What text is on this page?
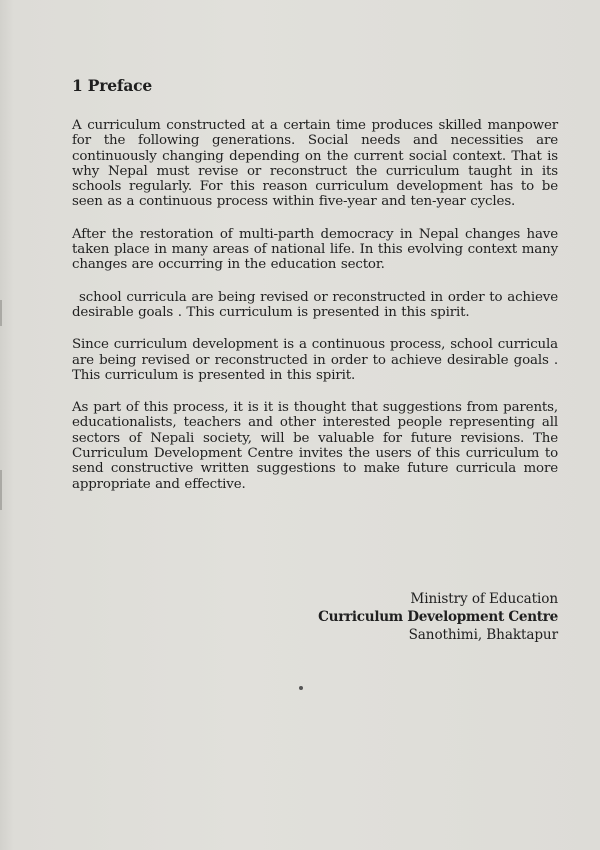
1 Preface

A curriculum constructed at a certain time produces skilled manpower for the following generations. Social needs and necessities are continuously changing depending on the current social context. That is why Nepal must revise or reconstruct the curriculum taught in its schools regularly. For this reason curriculum development has to be seen as a continuous process within five-year and ten-year cycles.

After the restoration of multi-parth democracy in Nepal changes have taken place in many areas of national life. In this evolving context many changes are occurring in the education sector.

school curricula are being revised or reconstructed in order to achieve desirable goals . This curriculum is presented in this spirit.

Since curriculum development is a continuous process, school curricula are being revised or reconstructed in order to achieve desirable goals . This curriculum is presented in this spirit.

As part of this process, it is it is thought that suggestions from parents, educationalists, teachers and other interested people representing all sectors of Nepali society, will be valuable for future revisions. The Curriculum Development Centre invites the users of this curriculum to send constructive written suggestions to make future curricula more appropriate and effective.

Ministry of Education
Curriculum Development Centre
Sanothimi, Bhaktapur
